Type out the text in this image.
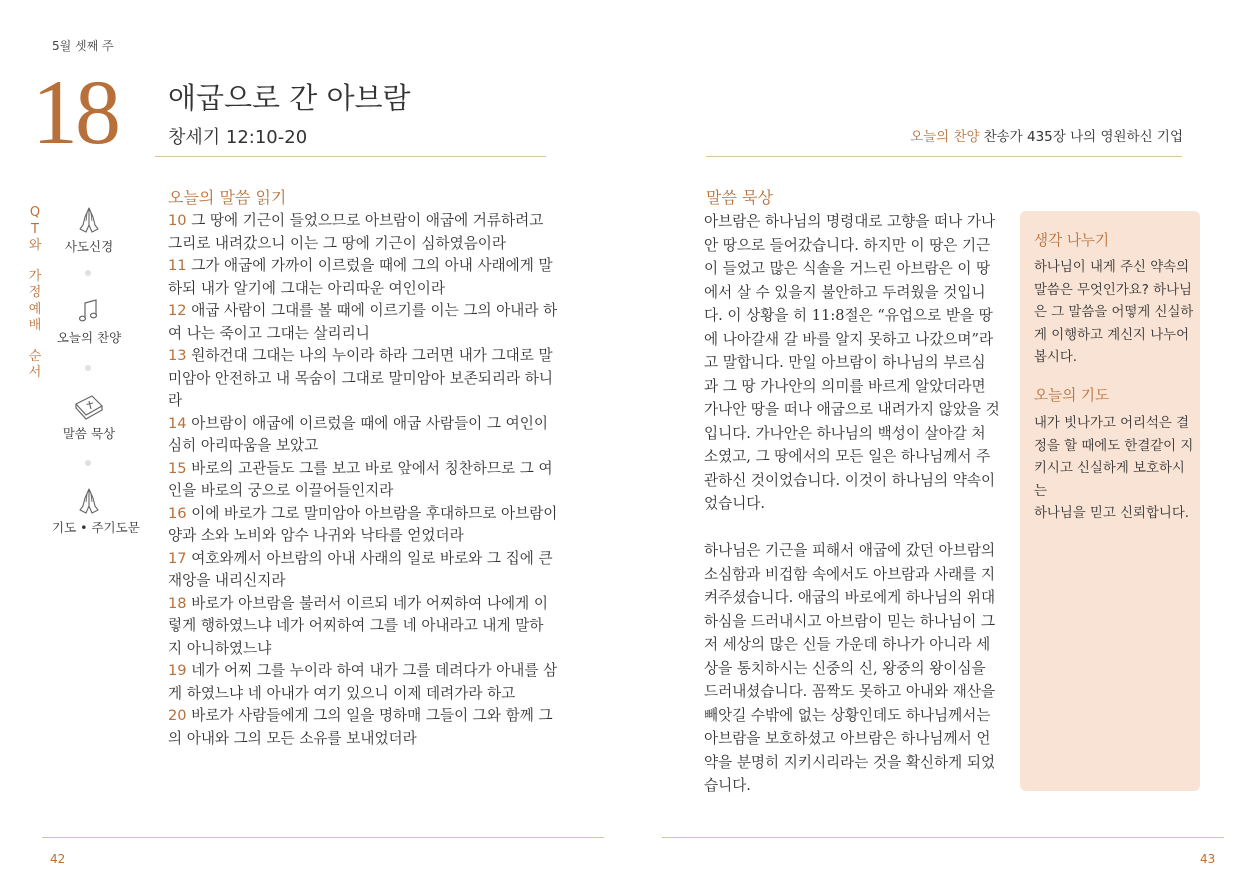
5월 셋째 주
18 애굽으로 간 아브람
창세기 12:10-20	오늘의 찬양 찬송가 435장 나의 영원하신 기업
Q
T
와
가
정
예
배
순
서
사도신경
오늘의 찬양
말씀 묵상
기도 • 주기도문
오늘의 말씀 읽기
10 그 땅에 기근이 들었으므로 아브람이 애굽에 거류하려고
그리로 내려갔으니 이는 그 땅에 기근이 심하였음이라
11 그가 애굽에 가까이 이르렀을 때에 그의 아내 사래에게 말
하되 내가 알기에 그대는 아리따운 여인이라
12 애굽 사람이 그대를 볼 때에 이르기를 이는 그의 아내라 하
여 나는 죽이고 그대는 살리리니
13 원하건대 그대는 나의 누이라 하라 그러면 내가 그대로 말
미암아 안전하고 내 목숨이 그대로 말미암아 보존되리라 하니라
14 아브람이 애굽에 이르렀을 때에 애굽 사람들이 그 여인이
심히 아리따움을 보았고
15 바로의 고관들도 그를 보고 바로 앞에서 칭찬하므로 그 여
인을 바로의 궁으로 이끌어들인지라
16 이에 바로가 그로 말미암아 아브람을 후대하므로 아브람이
양과 소와 노비와 암수 나귀와 낙타를 얻었더라
17 여호와께서 아브람의 아내 사래의 일로 바로와 그 집에 큰
재앙을 내리신지라
18 바로가 아브람을 불러서 이르되 네가 어찌하여 나에게 이
렇게 행하였느냐 네가 어찌하여 그를 네 아내라고 내게 말하
지 아니하였느냐
19 네가 어찌 그를 누이라 하여 내가 그를 데려다가 아내를 삼
게 하였느냐 네 아내가 여기 있으니 이제 데려가라 하고
20 바로가 사람들에게 그의 일을 명하매 그들이 그와 함께 그
의 아내와 그의 모든 소유를 보내었더라
말씀 묵상

아브람은 하나님의 명령대로 고향을 떠나 가나
안 땅으로 들어갔습니다. 하지만 이 땅은 기근
이 들었고 많은 식솔을 거느린 아브람은 이 땅
에서 살 수 있을지 불안하고 두려웠을 것입니
다. 이 상황을 히 11:8절은 “유업으로 받을 땅
에 나아갈새 갈 바를 알지 못하고 나갔으며”라
고 말합니다. 만일 아브람이 하나님의 부르심
과 그 땅 가나안의 의미를 바르게 알았더라면
가나안 땅을 떠나 애굽으로 내려가지 않았을 것
입니다. 가나안은 하나님의 백성이 살아갈 처
소였고, 그 땅에서의 모든 일은 하나님께서 주
관하신 것이었습니다. 이것이 하나님의 약속이
었습니다.

하나님은 기근을 피해서 애굽에 갔던 아브람의
소심함과 비겁함 속에서도 아브람과 사래를 지
켜주셨습니다. 애굽의 바로에게 하나님의 위대
하심을 드러내시고 아브람이 믿는 하나님이 그
저 세상의 많은 신들 가운데 하나가 아니라 세
상을 통치하시는 신중의 신, 왕중의 왕이심을
드러내셨습니다. 꼼짝도 못하고 아내와 재산을
빼앗길 수밖에 없는 상황인데도 하나님께서는
아브람을 보호하셨고 아브람은 하나님께서 언
약을 분명히 지키시리라는 것을 확신하게 되었
습니다.

생각 나누기
하나님이 내게 주신 약속의
말씀은 무엇인가요? 하나님
은 그 말씀을 어떻게 신실하
게 이행하고 계신지 나누어
봅시다.
오늘의 기도
내가 빗나가고 어리석은 결
정을 할 때에도 한결같이 지
키시고 신실하게 보호하시는
하나님을 믿고 신뢰합니다.
42	43
